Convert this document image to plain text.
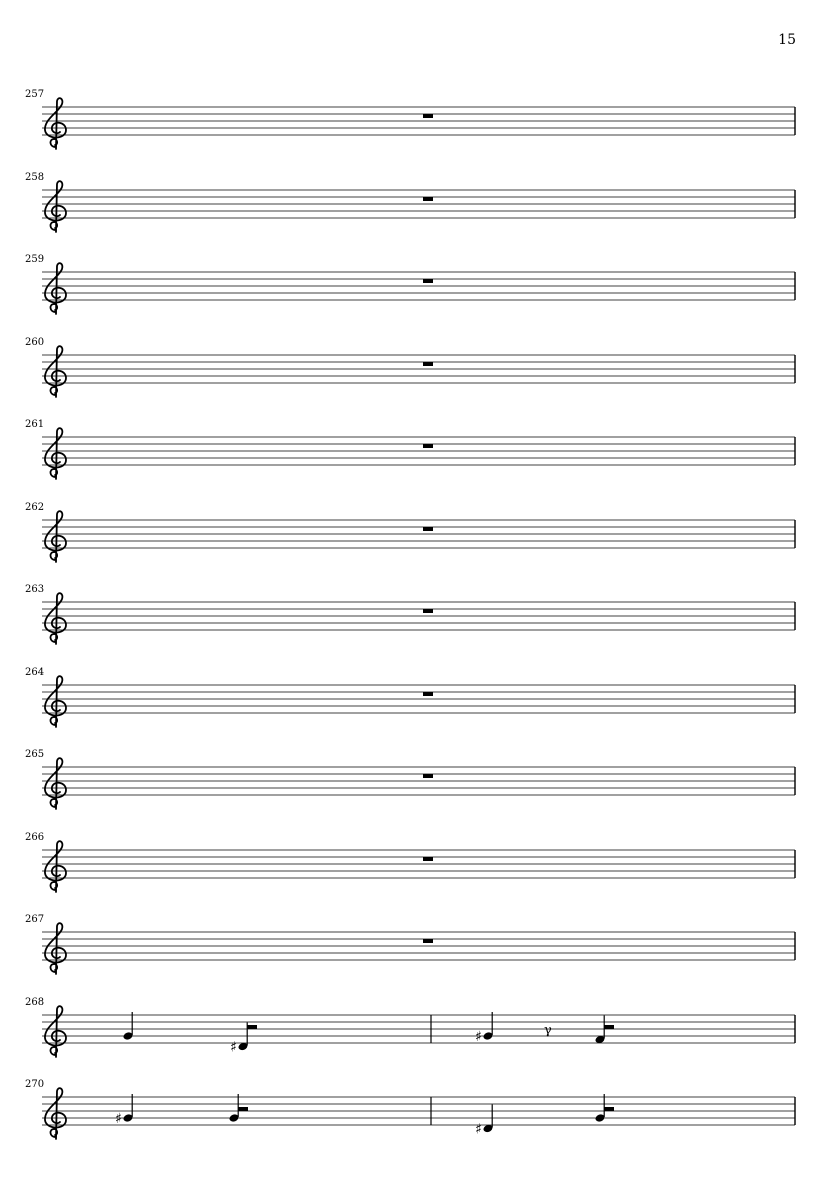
15
257
258
259
260
261
262
263
264
265
266
267
268
♯
♯	γ
270
♯
♯
